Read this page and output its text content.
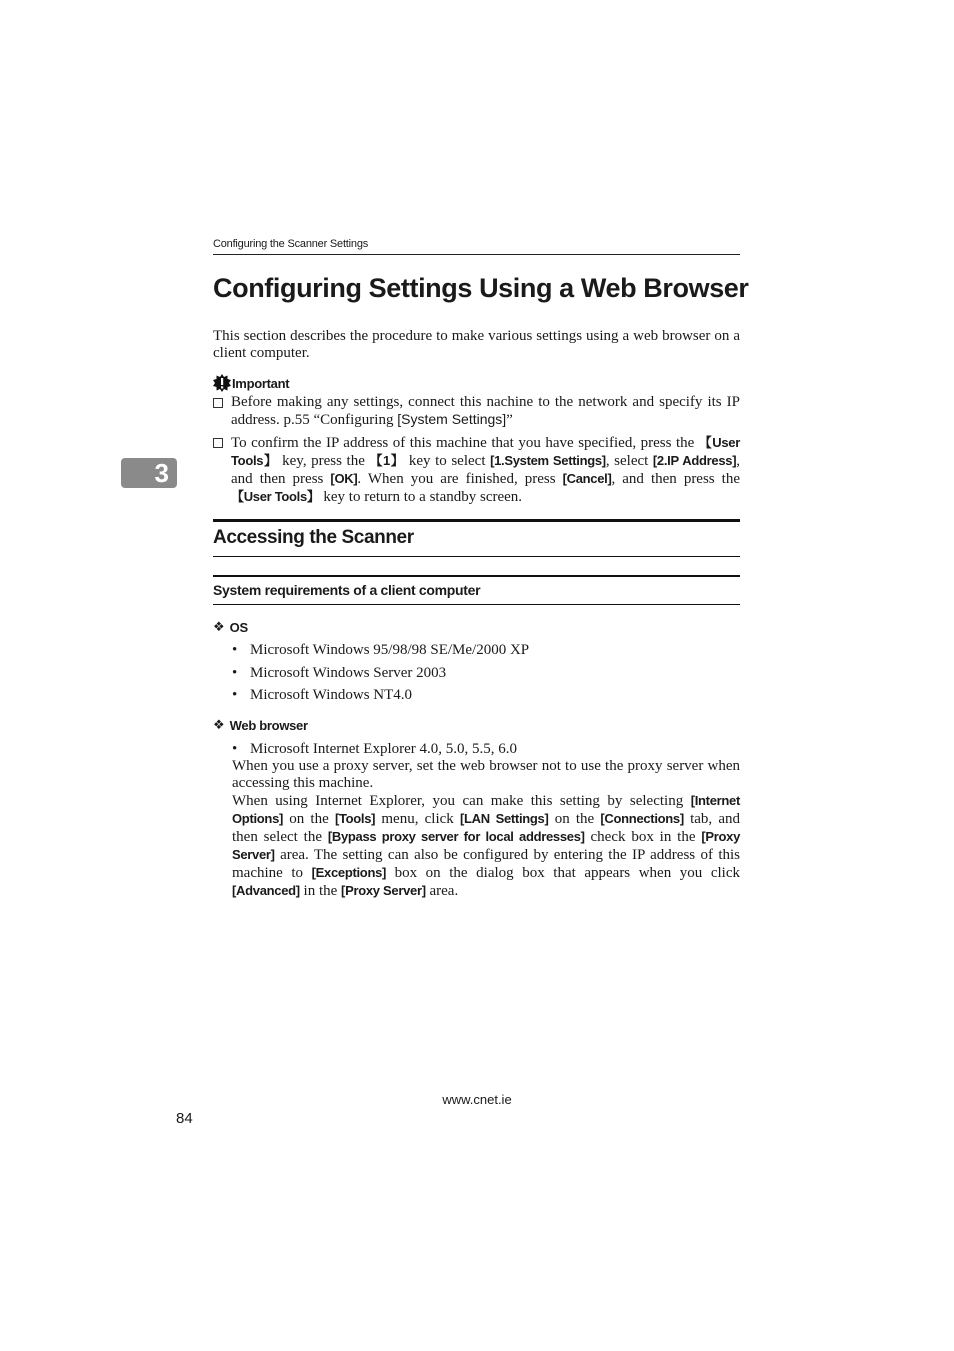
Configuring the Scanner Settings
Configuring Settings Using a Web Browser

This section describes the procedure to make various settings using a web browser on a client computer.

Important
Before making any settings, connect this nachine to the network and specify its IP address. p.55 “Configuring [System Settings]”
To confirm the IP address of this machine that you have specified, press the 【User Tools】 key, press the 【1】 key to select [1.System Settings], select [2.IP Address], and then press [OK]. When you are finished, press [Cancel], and then press the 【User Tools】 key to return to a standby screen.
3
Accessing the Scanner
System requirements of a client computer
❖ OS
• Microsoft Windows 95/98/98 SE/Me/2000 XP
• Microsoft Windows Server 2003
• Microsoft Windows NT4.0
❖ Web browser
• Microsoft Internet Explorer 4.0, 5.0, 5.5, 6.0
When you use a proxy server, set the web browser not to use the proxy server when accessing this machine.
When using Internet Explorer, you can make this setting by selecting [Internet Options] on the [Tools] menu, click [LAN Settings] on the [Connections] tab, and then select the [Bypass proxy server for local addresses] check box in the [Proxy Server] area. The setting can also be configured by entering the IP address of this machine to [Exceptions] box on the dialog box that appears when you click [Advanced] in the [Proxy Server] area.
www.cnet.ie
84
